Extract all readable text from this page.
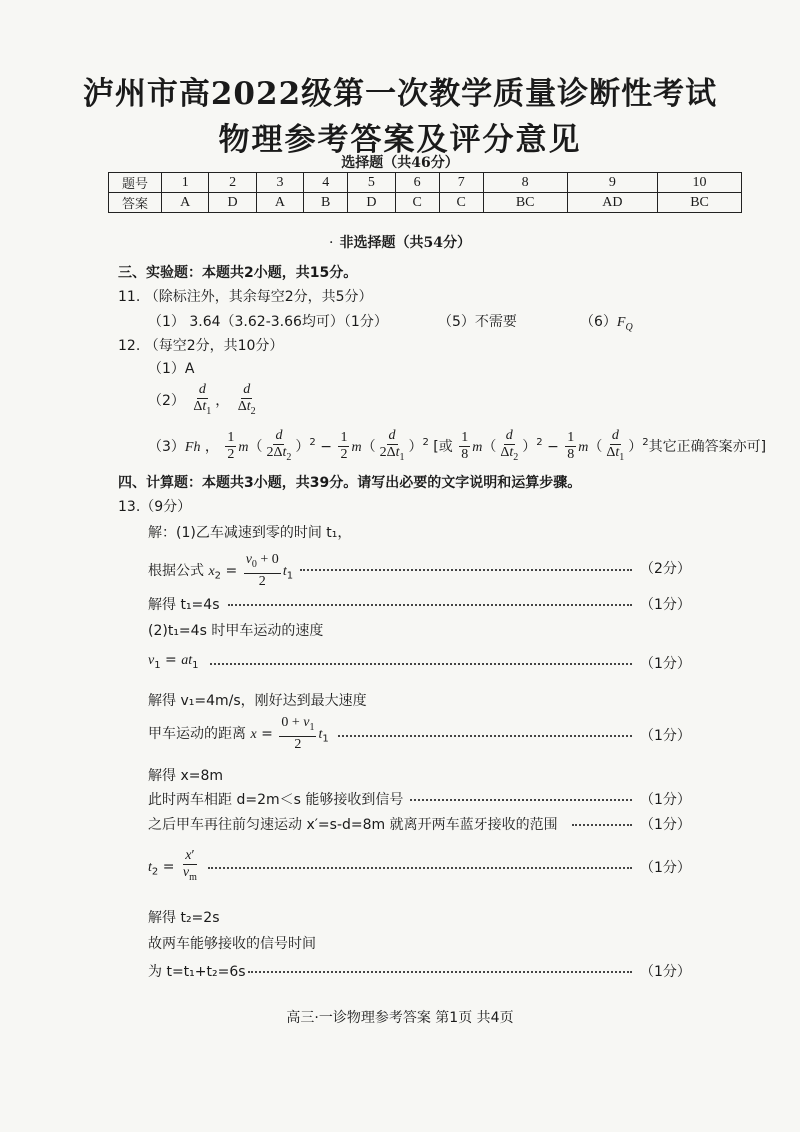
泸州市高2022级第一次教学质量诊断性考试
物理参考答案及评分意见
选择题（共46分）
题号	1	2	3	4	5	6	7	8	9	10
答案	A	D	A	B	D	C	C	BC	AD	BC
· 非选择题（共54分）
三、实验题：本题共2小题，共15分。
11. （除标注外，其余每空2分，共5分）
（1） 3.64（3.62-3.66均可）（1分）	（5）不需要	$(6)F_Q$
12. （每空2分，共10分）
（1）A
$(2) \frac{d}{\Delta t_1}$ ， $\frac{d}{\Delta t_2}$
（3）Fh ， $\frac{1}{2} m( \frac{d}{2\Delta t_2} )^2 - \frac{1}{2} m( \frac{d}{2\Delta t_1} )^2$ [或 $\frac{1}{8} m( \frac{d}{\Delta t_2} )^2 - \frac{1}{8} m( \frac{d}{\Delta t_1} )^2$其它正确答案亦可]
四、计算题：本题共3小题，共39分。请写出必要的文字说明和运算步骤。
13.（9分）
解：(1)乙车减速到零的时间 t₁，
根据公式 $x_2 = \frac{v_0 + 0}{2} t_1$	（2分）
解得 t₁=4s	（1分）
(2)t₁=4s 时甲车运动的速度
$v_1 = at_1$	（1分）
解得 v₁=4m/s，刚好达到最大速度
甲车运动的距离 $x = \frac{0 + v_1}{2} t_1$	（1分）
解得 x=8m
此时两车相距 d=2m＜s 能够接收到信号	（1分）
之后甲车再往前匀速运动 x′=s-d=8m 就离开两车蓝牙接收的范围	（1分）
$t_2 = \frac{x'}{v_m}$	（1分）
解得 t₂=2s
故两车能够接收的信号时间
为 t=t₁+t₂=6s	（1分）
高三·一诊物理参考答案 第1页 共4页
